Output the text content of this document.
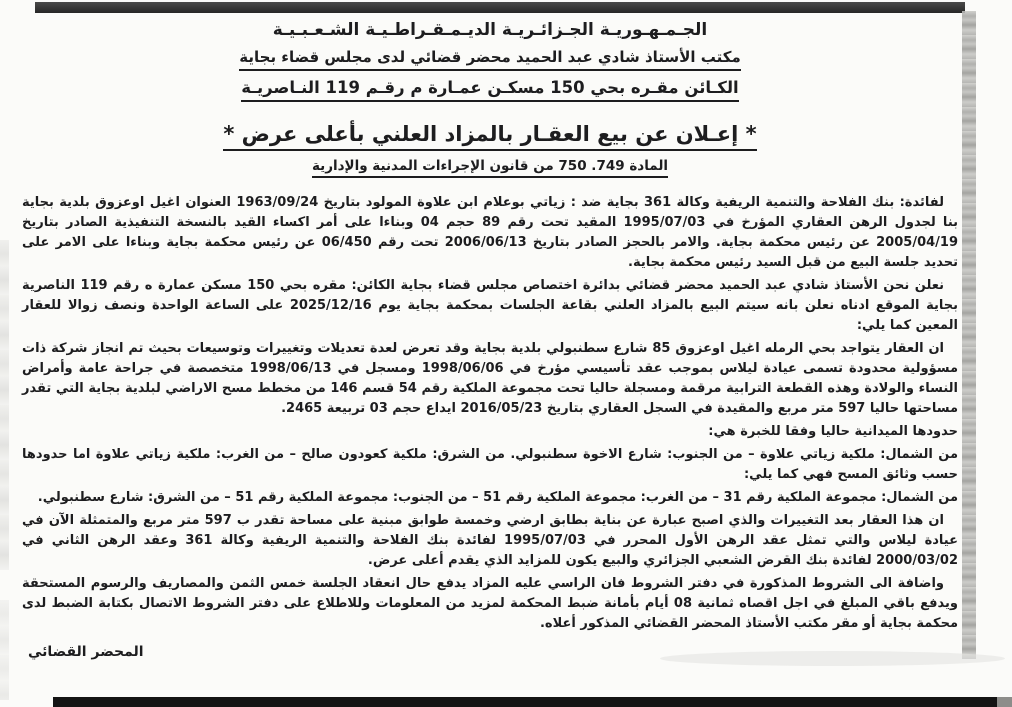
الجـمـهـوريـة الجـزائـريـة الديـمـقـراطـيـة الشـعـبـيـة
مكتب الأستاذ شادي عبد الحميد محضر قضائي لدى مجلس قضاء بجاية
الكـائن مقـره بحي 150 مسكـن عمـارة م رقـم 119 النـاصريـة
* إعـلان عن بيع العقـار بالمزاد العلني بأعلى عرض *
المادة 749. 750 من قانون الإجراءات المدنية والإدارية

لفائدة: بنك الفلاحة والتنمية الريفية وكالة 361 بجاية ضد : زياتي بوعلام ابن علاوة المولود بتاريخ 1963/09/24 العنوان اغيل اوعزوق بلدية بجاية بنا لجدول الرهن العقاري المؤرخ في 1995/07/03 المقيد تحت رقم 89 حجم 04 وبناءا على أمر اكساء القيد بالنسخة التنفيذية الصادر بتاريخ 2005/04/19 عن رئيس محكمة بجاية. والامر بالحجز الصادر بتاريخ 2006/06/13 تحت رقم 06/450 عن رئيس محكمة بجاية وبناءا على الامر على تحديد جلسة البيع من قبل السيد رئيس محكمة بجاية.

نعلن نحن الأستاذ شادي عبد الحميد محضر قضائي بدائرة اختصاص مجلس قضاء بجاية الكائن: مقره بحي 150 مسكن عمارة ه رقم 119 الناصرية بجاية الموقع ادناه نعلن بانه سيتم البيع بالمزاد العلني بقاعة الجلسات بمحكمة بجاية يوم 2025/12/16 على الساعة الواحدة ونصف زوالا للعقار المعين كما يلي:

ان العقار يتواجد بحي الرمله اغيل اوعزوق 85 شارع سطنبولي بلدية بجاية وقد تعرض لعدة تعديلات وتغييرات وتوسيعات بحيث تم انجاز شركة ذات مسؤولية محدودة تسمى عيادة ليلاس بموجب عقد تأسيسي مؤرخ في 1998/06/06 ومسجل في 1998/06/13 متخصصة في جراحة عامة وأمراض النساء والولادة وهذه القطعة الترابية مرقمة ومسجلة حاليا تحت مجموعة الملكية رقم 54 قسم 146 من مخطط مسح الاراضي لبلدية بجاية التي تقدر مساحتها حاليا 597 متر مربع والمقيدة في السجل العقاري بتاريخ 2016/05/23 ايداع حجم 03 تربيعة 2465.

حدودها الميدانية حاليا وفقا للخبرة هي:

من الشمال: ملكية زياتي علاوة – من الجنوب: شارع الاخوة سطنبولي. من الشرق: ملكية كعودون صالح – من الغرب: ملكية زياتي علاوة اما حدودها حسب وثائق المسح فهي كما يلي:

من الشمال: مجموعة الملكية رقم 31 – من الغرب: مجموعة الملكية رقم 51 – من الجنوب: مجموعة الملكية رقم 51 – من الشرق: شارع سطنبولي.

ان هذا العقار بعد التغييرات والذي اصبح عبارة عن بناية بطابق ارضي وخمسة طوابق مبنية على مساحة تقدر ب 597 متر مربع والمتمثلة الآن في عيادة ليلاس والتي تمثل عقد الرهن الأول المحرر في 1995/07/03 لفائدة بنك الفلاحة والتنمية الريفية وكالة 361 وعقد الرهن الثاني في 2000/03/02 لفائدة بنك القرض الشعبي الجزائري والبيع يكون للمزايد الذي يقدم أعلى عرض.

واضافة الى الشروط المذكورة في دفتر الشروط فان الراسي عليه المزاد يدفع حال انعقاد الجلسة خمس الثمن والمصاريف والرسوم المستحقة ويدفع باقي المبلغ في اجل اقصاه ثمانية 08 أيام بأمانة ضبط المحكمة لمزيد من المعلومات وللاطلاع على دفتر الشروط الاتصال بكتابة الضبط لدى محكمة بجاية أو مقر مكتب الأستاذ المحضر القضائي المذكور أعلاه.

المحضر القضائي
